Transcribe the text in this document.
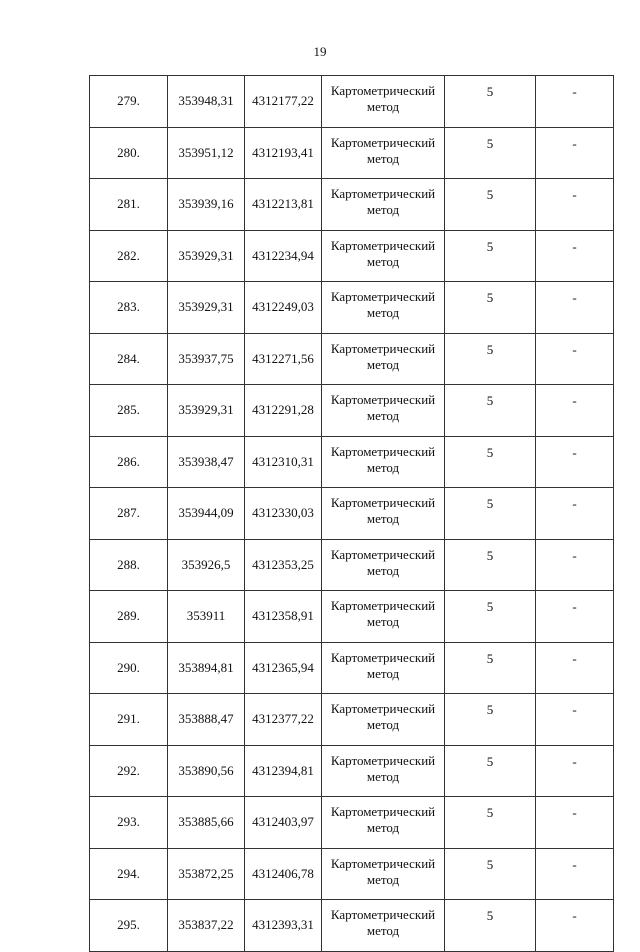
19
279.	353948,31	4312177,22	Картометрический
метод	5	-
280.	353951,12	4312193,41	Картометрический
метод	5	-
281.	353939,16	4312213,81	Картометрический
метод	5	-
282.	353929,31	4312234,94	Картометрический
метод	5	-
283.	353929,31	4312249,03	Картометрический
метод	5	-
284.	353937,75	4312271,56	Картометрический
метод	5	-
285.	353929,31	4312291,28	Картометрический
метод	5	-
286.	353938,47	4312310,31	Картометрический
метод	5	-
287.	353944,09	4312330,03	Картометрический
метод	5	-
288.	353926,5	4312353,25	Картометрический
метод	5	-
289.	353911	4312358,91	Картометрический
метод	5	-
290.	353894,81	4312365,94	Картометрический
метод	5	-
291.	353888,47	4312377,22	Картометрический
метод	5	-
292.	353890,56	4312394,81	Картометрический
метод	5	-
293.	353885,66	4312403,97	Картометрический
метод	5	-
294.	353872,25	4312406,78	Картометрический
метод	5	-
295.	353837,22	4312393,31	Картометрический
метод	5	-
